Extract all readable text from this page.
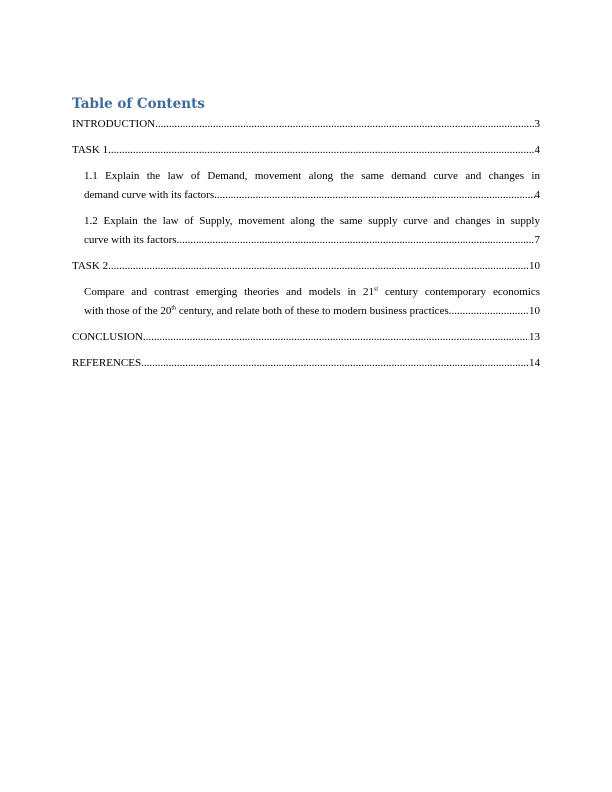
Table of Contents
INTRODUCTION .....	3
TASK 1 .....	4
1.1 Explain the law of Demand, movement along the same demand curve and changes in
demand curve with its factors .....	4
1.2 Explain the law of Supply, movement along the same supply curve and changes in supply
curve with its factors .....	7
TASK 2 .....	10
Compare and contrast emerging theories and models in 21st century contemporary economics
with those of the 20th century, and relate both of these to modern business practices .....	10
CONCLUSION .....	13
REFERENCES .....	14
